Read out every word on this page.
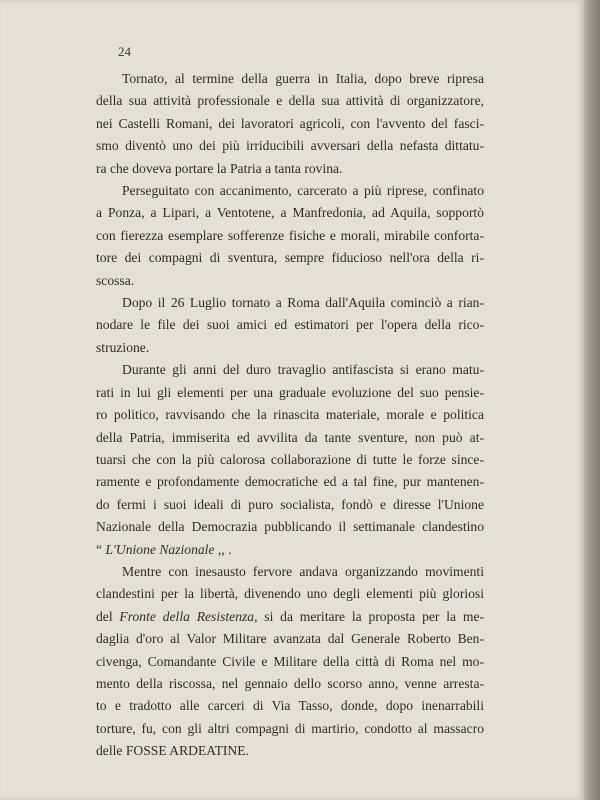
24
Tornato, al termine della guerra in Italia, dopo breve ripresa
della sua attività professionale e della sua attività di organizzatore,
nei Castelli Romani, dei lavoratori agricoli, con l'avvento del fasci-
smo diventò uno dei più irriducibili avversari della nefasta dittatu-
ra che doveva portare la Patria a tanta rovina.
Perseguitato con accanimento, carcerato a più riprese, confinato
a Ponza, a Lipari, a Ventotene, a Manfredonia, ad Aquila, sopportò
con fierezza esemplare sofferenze fisiche e morali, mirabile conforta-
tore dei compagni di sventura, sempre fiducioso nell'ora della ri-
scossa.
Dopo il 26 Luglio tornato a Roma dall'Aquila cominciò a rian-
nodare le file dei suoi amici ed estimatori per l'opera della rico-
struzione.
Durante gli anni del duro travaglio antifascista si erano matu-
rati in lui gli elementi per una graduale evoluzione del suo pensie-
ro politico, ravvisando che la rinascita materiale, morale e politica
della Patria, immiserita ed avvilita da tante sventure, non può at-
tuarsi che con la più calorosa collaborazione di tutte le forze since-
ramente e profondamente democratiche ed a tal fine, pur mantenen-
do fermi i suoi ideali di puro socialista, fondò e diresse l'Unione
Nazionale della Democrazia pubblicando il settimanale clandestino
“ L'Unione Nazionale ,, .
Mentre con inesausto fervore andava organizzando movimenti
clandestini per la libertà, divenendo uno degli elementi più gloriosi
del Fronte della Resistenza, si da meritare la proposta per la me-
daglia d'oro al Valor Militare avanzata dal Generale Roberto Ben-
civenga, Comandante Civile e Militare della città di Roma nel mo-
mento della riscossa, nel gennaio dello scorso anno, venne arresta-
to e tradotto alle carceri di Via Tasso, donde, dopo inenarrabili
torture, fu, con gli altri compagni di martirio, condotto al massacro
delle FOSSE ARDEATINE.
